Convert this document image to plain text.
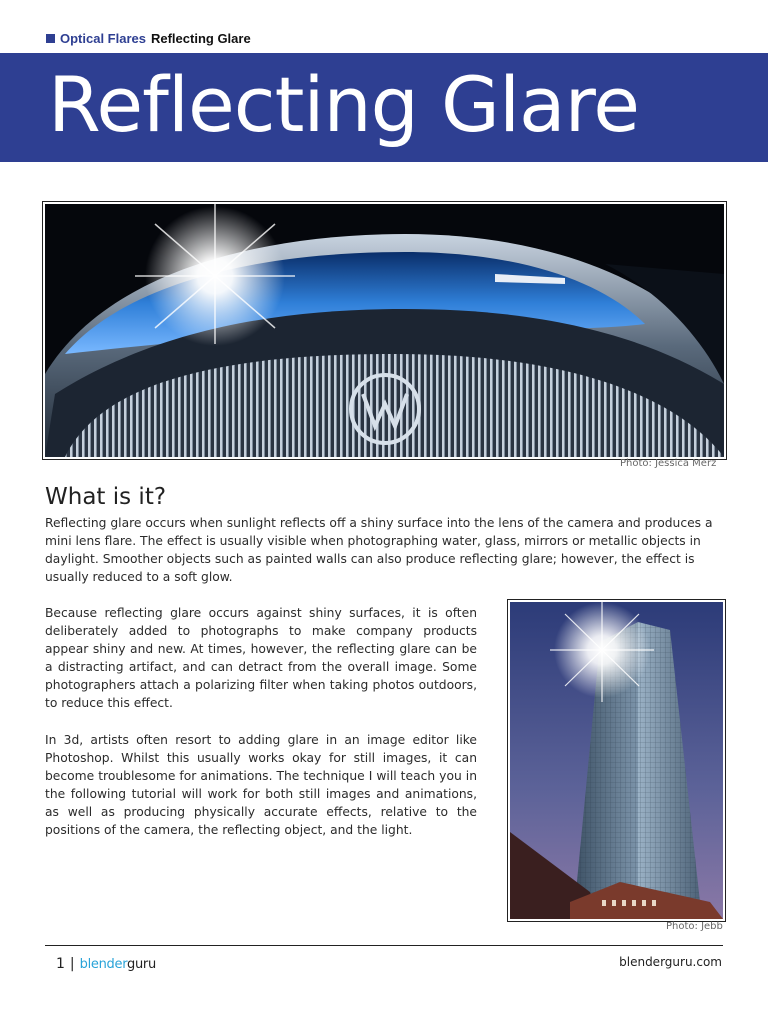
Optical Flares Reflecting Glare
Reflecting Glare
Photo: Jessica Merz
What is it?

Reflecting glare occurs when sunlight reflects off a shiny surface into the lens of the camera and produces a mini lens flare. The effect is usually visible when photographing water, glass, mirrors or metallic objects in daylight. Smoother objects such as painted walls can also produce reflecting glare; however, the effect is usually reduced to a soft glow.

Because reflecting glare occurs against shiny surfaces, it is often deliberately added to photographs to make company products appear shiny and new. At times, however, the reflecting glare can be a distracting artifact, and can detract from the overall image. Some photographers attach a polarizing filter when taking photos outdoors, to reduce this effect.

In 3d, artists often resort to adding glare in an image editor like Photoshop. Whilst this usually works okay for still images, it can become troublesome for animations. The technique I will teach you in the following tutorial will work for both still images and animations, as well as producing physically accurate effects, relative to the positions of the camera, the reflecting object, and the light.

Photo: Jebb
1 | blenderguru	blenderguru.com
